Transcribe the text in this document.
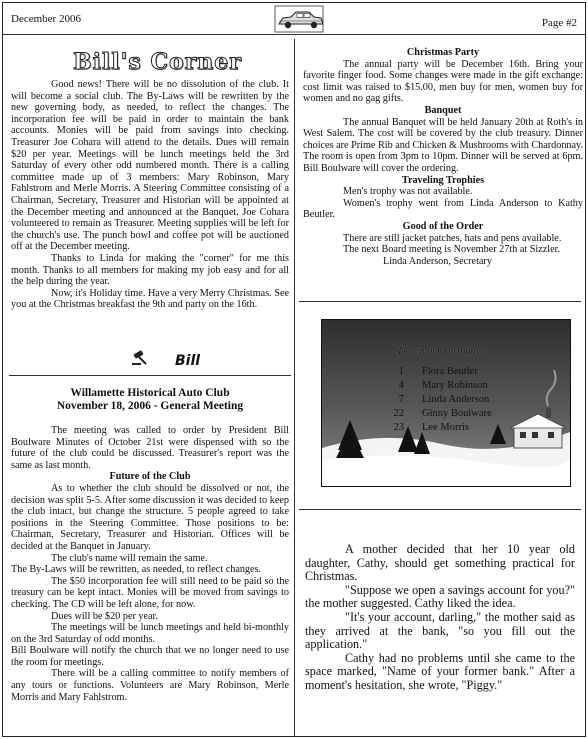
December 2006	Page #2
Bill's Corner

Good news! There will be no dissolution of the club. It will become a social club. The By-Laws will be rewritten by the new governing body, as needed, to reflect the changes. The incorporation fee will be paid in order to maintain the bank accounts. Monies will be paid from savings into checking. Treasurer Joe Cohara will attend to the details. Dues will remain $20 per year. Meetings will be lunch meetings held the 3rd Saturday of every other odd numbered month. There is a calling committee made up of 3 members: Mary Robinson, Mary Fahlstrom and Merle Morris. A Steering Committee consisting of a Chairman, Secretary, Treasurer and Historian will be appointed at the December meeting and announced at the Banquet. Joe Cohara volunteered to remain as Treasurer. Meeting supplies will be left for the church's use. The punch bowl and coffee pot will be auctioned off at the December meeting.

Thanks to Linda for making the "corner" for me this month. Thanks to all members for making my job easy and for all the help during the year.

Now, it's Holiday time. Have a very Merry Christmas. See you at the Christmas breakfast the 9th and party on the 16th.

Bill
Willamette Historical Auto Club
November 18, 2006 - General Meeting

The meeting was called to order by President Bill Boulware Minutes of October 21st were dispensed with so the future of the club could be discussed. Treasurer's report was the same as last month.

Future of the Club

As to whether the club should be dissolved or not, the decision was split 5-5. After some discussion it was decided to keep the club intact, but change the structure. 5 people agreed to take positions in the Steering Committee. Those positions to be: Chairman, Secretary, Treasurer and Historian. Offices will be decided at the Banquet in January.

The club's name will remain the same.

The By-Laws will be rewritten, as needed, to reflect changes.

The $50 incorporation fee will still need to be paid so the treasury can be kept intact. Monies will be moved from savings to checking. The CD will be left alone, for now.

Dues will be $20 per year.

The meetings will be lunch meetings and held bi-monthly on the 3rd Saturday of odd months.

Bill Boulware will notify the church that we no longer need to use the room for meetings.

There will be a calling committee to notify members of any tours or functions. Volunteers are Mary Robinson, Merle Morris and Mary Fahlstrom.

Christmas Party

The annual party will be December 16th. Bring your favorite finger food. Some changes were made in the gift exchange: cost limit was raised to $15.00, men buy for men, women buy for women and no gag gifts.

Banquet

The annual Banquet will be held January 20th at Roth's in West Salem. The cost will be covered by the club treasury. Dinner choices are Prime Rib and Chicken & Mushrooms with Chardonnay. The room is open from 3pm to 10pm. Dinner will be served at 6pm. Bill Boulware will cover the ordering.

Traveling Trophies

Men's trophy was not available.

Women's trophy went from Linda Anderson to Kathy Beutler.

Good of the Order

There are still jacket patches, hats and pens available.

The next Board meeting is November 27th at Sizzler.

Linda Anderson, Secretary

December Birthdays
1 Flora Beutler
4 Mary Robinson
7 Linda Anderson
22 Ginny Boulware
23 Lee Morris

A mother decided that her 10 year old daughter, Cathy, should get something practical for Christmas.

"Suppose we open a savings account for you?" the mother suggested. Cathy liked the idea.

"It's your account, darling," the mother said as they arrived at the bank, "so you fill out the application."

Cathy had no problems until she came to the space marked, "Name of your former bank." After a moment's hesitation, she wrote, "Piggy."
